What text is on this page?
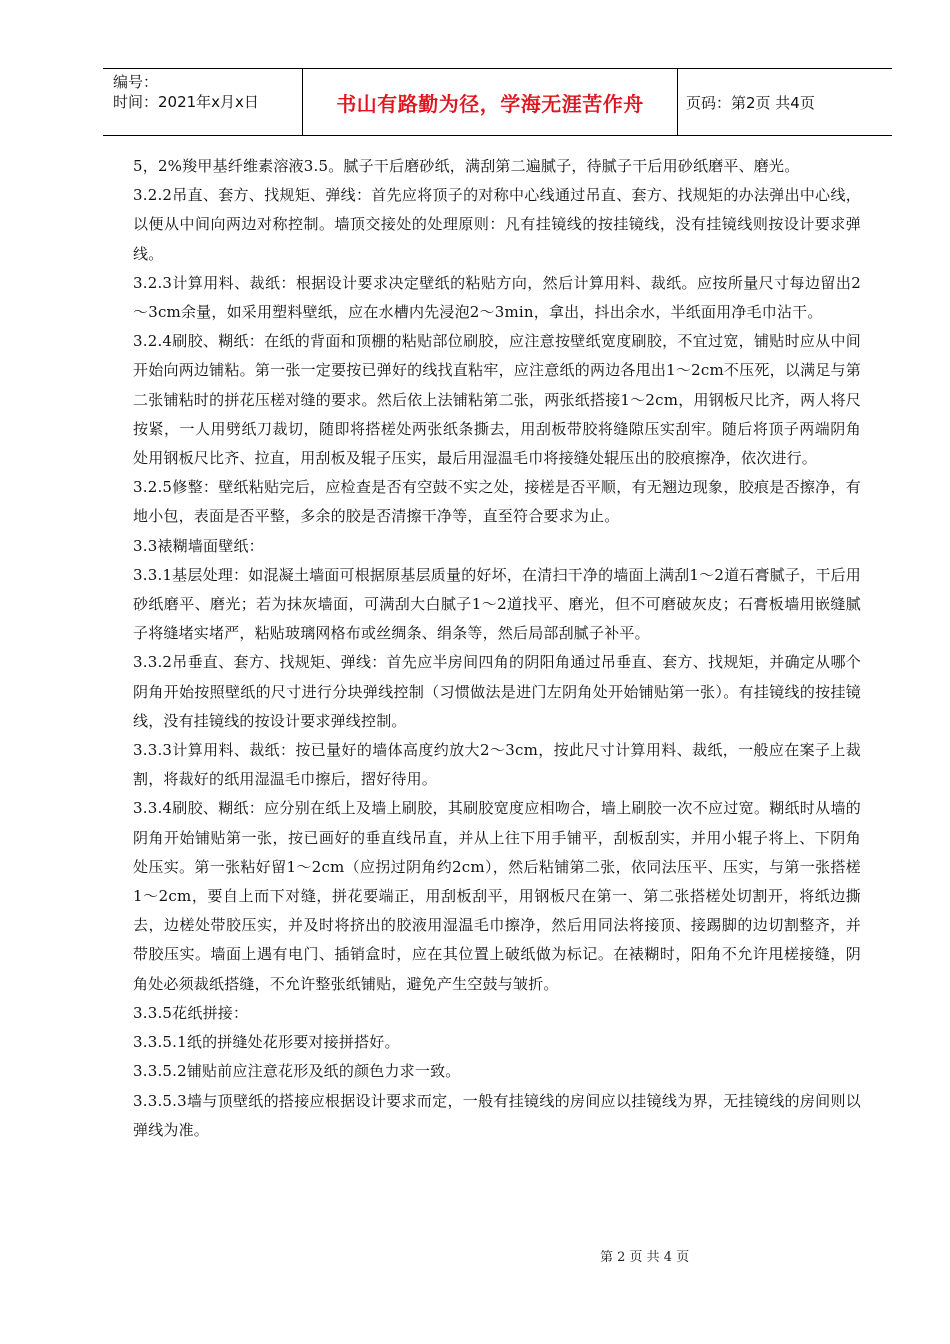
编号：
时间：2021年x月x日	书山有路勤为径，学海无涯苦作舟	页码：第2页 共4页

5，2%羧甲基纤维素溶液3.5。腻子干后磨砂纸，满刮第二遍腻子，待腻子干后用砂纸磨平、磨光。

3.2.2吊直、套方、找规矩、弹线：首先应将顶子的对称中心线通过吊直、套方、找规矩的办法弹出中心线，以便从中间向两边对称控制。墙顶交接处的处理原则：凡有挂镜线的按挂镜线，没有挂镜线则按设计要求弹线。

3.2.3计算用料、裁纸：根据设计要求决定壁纸的粘贴方向，然后计算用料、裁纸。应按所量尺寸每边留出2～3cm余量，如采用塑料壁纸，应在水槽内先浸泡2～3min，拿出，抖出余水，半纸面用净毛巾沾干。

3.2.4刷胶、糊纸：在纸的背面和顶棚的粘贴部位刷胶，应注意按壁纸宽度刷胶，不宜过宽，铺贴时应从中间开始向两边铺粘。第一张一定要按已弹好的线找直粘牢，应注意纸的两边各甩出1～2cm不压死，以满足与第二张铺粘时的拼花压槎对缝的要求。然后依上法铺粘第二张，两张纸搭接1～2cm，用钢板尺比齐，两人将尺按紧，一人用劈纸刀裁切，随即将搭槎处两张纸条撕去，用刮板带胶将缝隙压实刮牢。随后将顶子两端阴角处用钢板尺比齐、拉直，用刮板及辊子压实，最后用湿温毛巾将接缝处辊压出的胶痕擦净，依次进行。

3.2.5修整：壁纸粘贴完后，应检查是否有空鼓不实之处，接槎是否平顺，有无翘边现象，胶痕是否擦净，有地小包，表面是否平整，多余的胶是否清擦干净等，直至符合要求为止。

3.3裱糊墙面壁纸：

3.3.1基层处理：如混凝土墙面可根据原基层质量的好坏，在清扫干净的墙面上满刮1～2道石膏腻子，干后用砂纸磨平、磨光；若为抹灰墙面，可满刮大白腻子1～2道找平、磨光，但不可磨破灰皮；石膏板墙用嵌缝腻子将缝堵实堵严，粘贴玻璃网格布或丝绸条、绢条等，然后局部刮腻子补平。

3.3.2吊垂直、套方、找规矩、弹线：首先应半房间四角的阴阳角通过吊垂直、套方、找规矩，并确定从哪个阴角开始按照壁纸的尺寸进行分块弹线控制（习惯做法是进门左阴角处开始铺贴第一张）。有挂镜线的按挂镜线，没有挂镜线的按设计要求弹线控制。

3.3.3计算用料、裁纸：按已量好的墙体高度约放大2～3cm，按此尺寸计算用料、裁纸，一般应在案子上裁割，将裁好的纸用湿温毛巾擦后，摺好待用。

3.3.4刷胶、糊纸：应分别在纸上及墙上刷胶，其刷胶宽度应相吻合，墙上刷胶一次不应过宽。糊纸时从墙的阴角开始铺贴第一张，按已画好的垂直线吊直，并从上往下用手铺平，刮板刮实，并用小辊子将上、下阴角处压实。第一张粘好留1～2cm（应拐过阴角约2cm），然后粘铺第二张，依同法压平、压实，与第一张搭槎1～2cm，要自上而下对缝，拼花要端正，用刮板刮平，用钢板尺在第一、第二张搭槎处切割开，将纸边撕去，边槎处带胶压实，并及时将挤出的胶液用湿温毛巾擦净，然后用同法将接顶、接踢脚的边切割整齐，并带胶压实。墙面上遇有电门、插销盒时，应在其位置上破纸做为标记。在裱糊时，阳角不允许甩槎接缝，阴角处必须裁纸搭缝，不允许整张纸铺贴，避免产生空鼓与皱折。

3.3.5花纸拼接：

3.3.5.1纸的拼缝处花形要对接拼搭好。

3.3.5.2铺贴前应注意花形及纸的颜色力求一致。

3.3.5.3墙与顶壁纸的搭接应根据设计要求而定，一般有挂镜线的房间应以挂镜线为界，无挂镜线的房间则以弹线为准。

第 2 页 共 4 页
